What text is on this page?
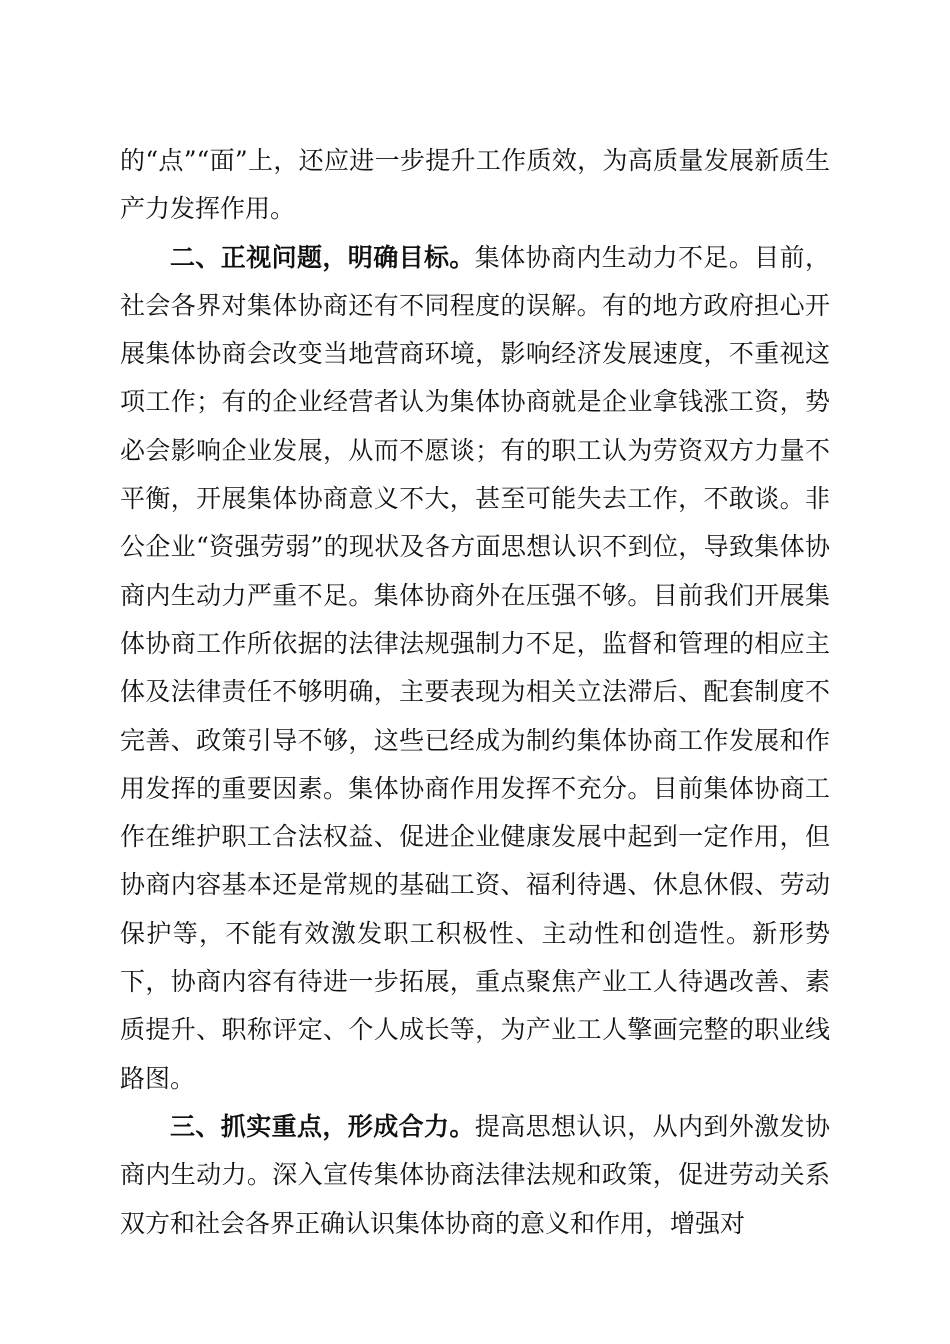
的“点”“面”上，还应进一步提升工作质效，为高质量发展新质生产力发挥作用。

二、正视问题，明确目标。集体协商内生动力不足。目前，社会各界对集体协商还有不同程度的误解。有的地方政府担心开展集体协商会改变当地营商环境，影响经济发展速度，不重视这项工作；有的企业经营者认为集体协商就是企业拿钱涨工资，势必会影响企业发展，从而不愿谈；有的职工认为劳资双方力量不平衡，开展集体协商意义不大，甚至可能失去工作，不敢谈。非公企业“资强劳弱”的现状及各方面思想认识不到位，导致集体协商内生动力严重不足。集体协商外在压强不够。目前我们开展集体协商工作所依据的法律法规强制力不足，监督和管理的相应主体及法律责任不够明确，主要表现为相关立法滞后、配套制度不完善、政策引导不够，这些已经成为制约集体协商工作发展和作用发挥的重要因素。集体协商作用发挥不充分。目前集体协商工作在维护职工合法权益、促进企业健康发展中起到一定作用，但协商内容基本还是常规的基础工资、福利待遇、休息休假、劳动保护等，不能有效激发职工积极性、主动性和创造性。新形势下，协商内容有待进一步拓展，重点聚焦产业工人待遇改善、素质提升、职称评定、个人成长等，为产业工人擎画完整的职业线路图。

三、抓实重点，形成合力。提高思想认识，从内到外激发协商内生动力。深入宣传集体协商法律法规和政策，促进劳动关系双方和社会各界正确认识集体协商的意义和作用，增强对
